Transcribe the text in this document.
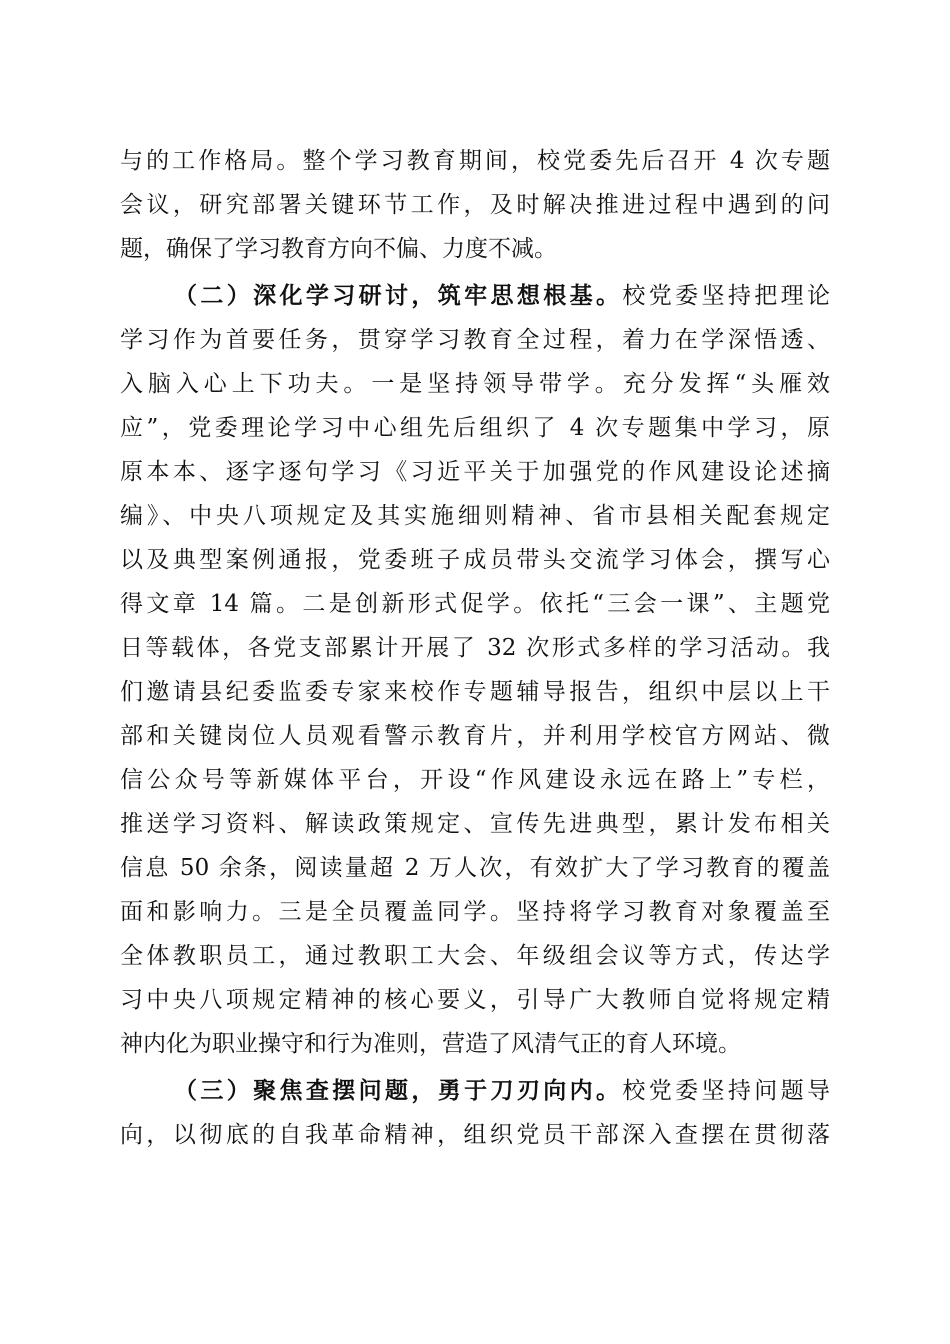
与的工作格局。整个学习教育期间，校党委先后召开 4 次专题
会议，研究部署关键环节工作，及时解决推进过程中遇到的问
题，确保了学习教育方向不偏、力度不减。
（二）深化学习研讨，筑牢思想根基。校党委坚持把理论
学习作为首要任务，贯穿学习教育全过程，着力在学深悟透、
入脑入心上下功夫。一是坚持领导带学。充分发挥“头雁效
应”，党委理论学习中心组先后组织了 4 次专题集中学习，原
原本本、逐字逐句学习《习近平关于加强党的作风建设论述摘
编》、中央八项规定及其实施细则精神、省市县相关配套规定
以及典型案例通报，党委班子成员带头交流学习体会，撰写心
得文章 14 篇。二是创新形式促学。依托“三会一课”、主题党
日等载体，各党支部累计开展了 32 次形式多样的学习活动。我
们邀请县纪委监委专家来校作专题辅导报告，组织中层以上干
部和关键岗位人员观看警示教育片，并利用学校官方网站、微
信公众号等新媒体平台，开设“作风建设永远在路上”专栏，
推送学习资料、解读政策规定、宣传先进典型，累计发布相关
信息 50 余条，阅读量超 2 万人次，有效扩大了学习教育的覆盖
面和影响力。三是全员覆盖同学。坚持将学习教育对象覆盖至
全体教职员工，通过教职工大会、年级组会议等方式，传达学
习中央八项规定精神的核心要义，引导广大教师自觉将规定精
神内化为职业操守和行为准则，营造了风清气正的育人环境。
（三）聚焦查摆问题，勇于刀刃向内。校党委坚持问题导
向，以彻底的自我革命精神，组织党员干部深入查摆在贯彻落
